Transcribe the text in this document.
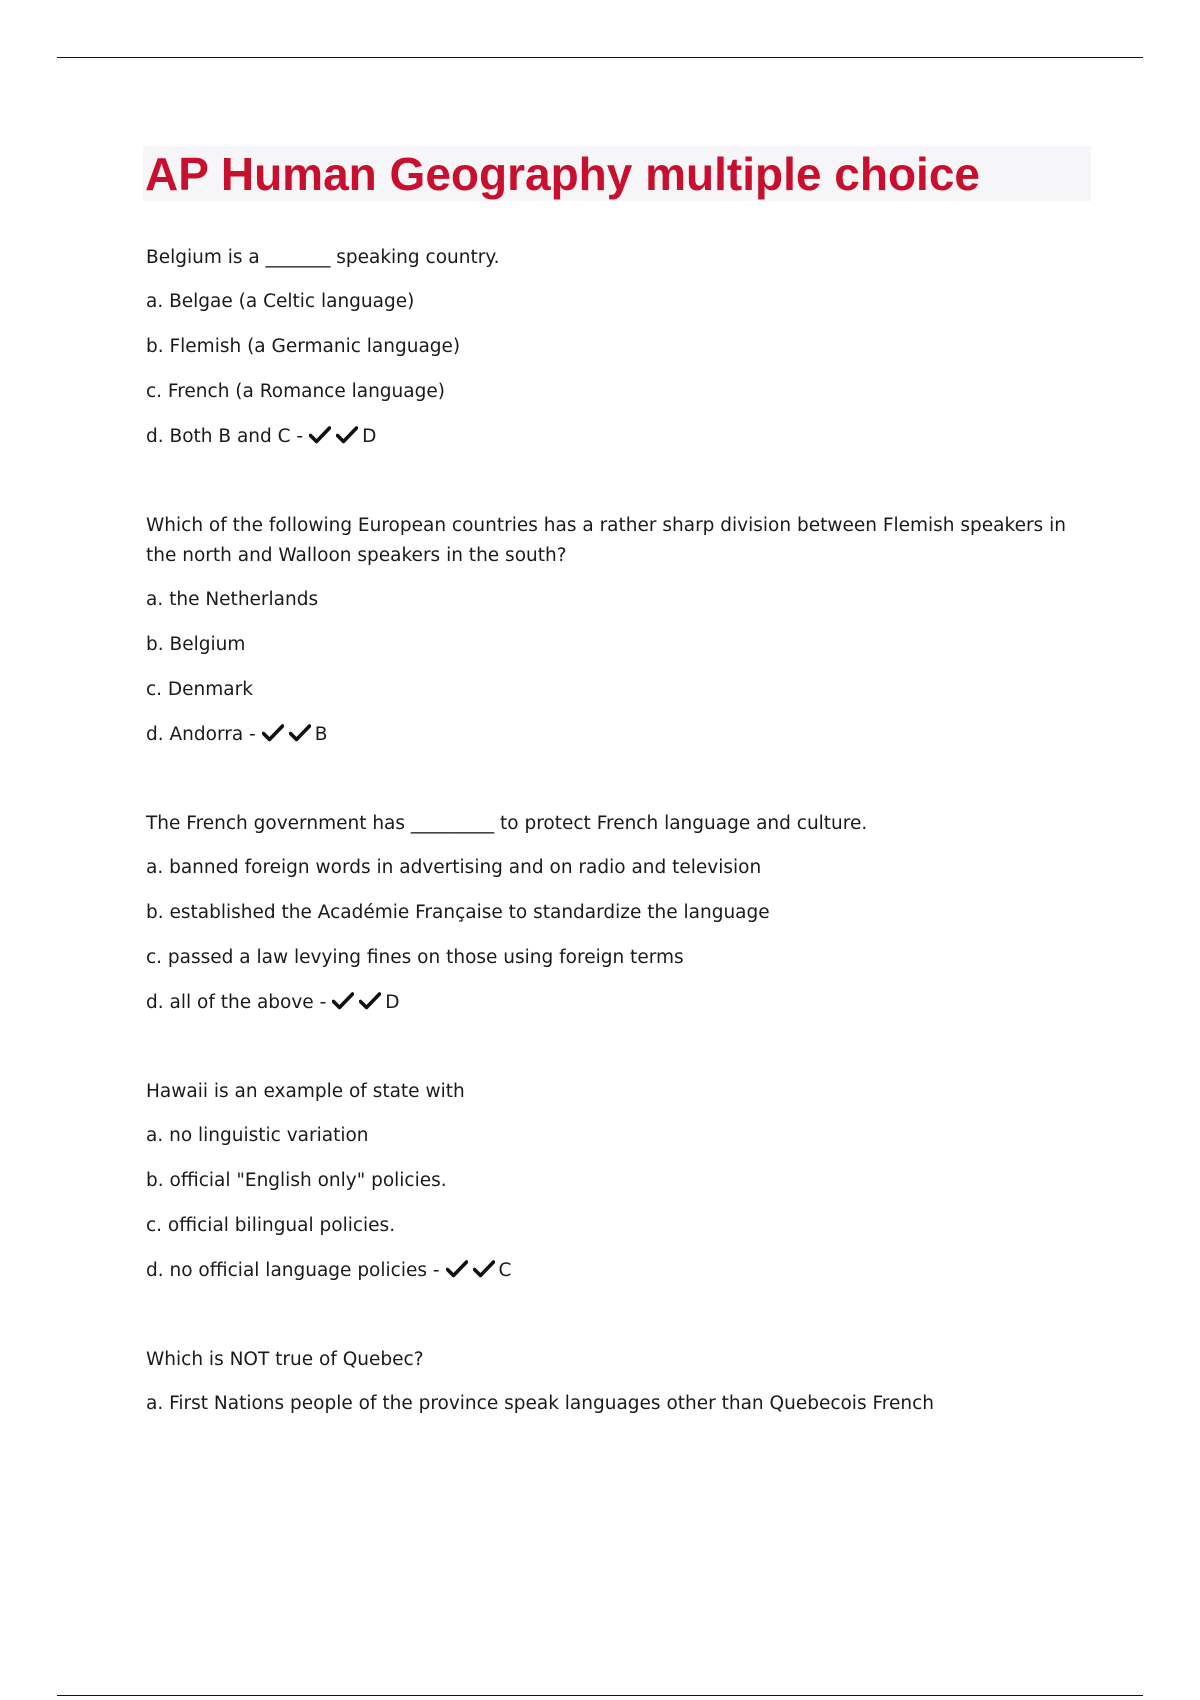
AP Human Geography multiple choice

Belgium is a _______ speaking country.

a. Belgae (a Celtic language)

b. Flemish (a Germanic language)

c. French (a Romance language)

d. Both B and C -	D

Which of the following European countries has a rather sharp division between Flemish speakers in the north and Walloon speakers in the south?

a. the Netherlands

b. Belgium

c. Denmark

d. Andorra -	B

The French government has _________ to protect French language and culture.

a. banned foreign words in advertising and on radio and television

b. established the Académie Française to standardize the language

c. passed a law levying fines on those using foreign terms

d. all of the above -	D

Hawaii is an example of state with

a. no linguistic variation

b. official "English only" policies.

c. official bilingual policies.

d. no official language policies -	C

Which is NOT true of Quebec?

a. First Nations people of the province speak languages other than Quebecois French
